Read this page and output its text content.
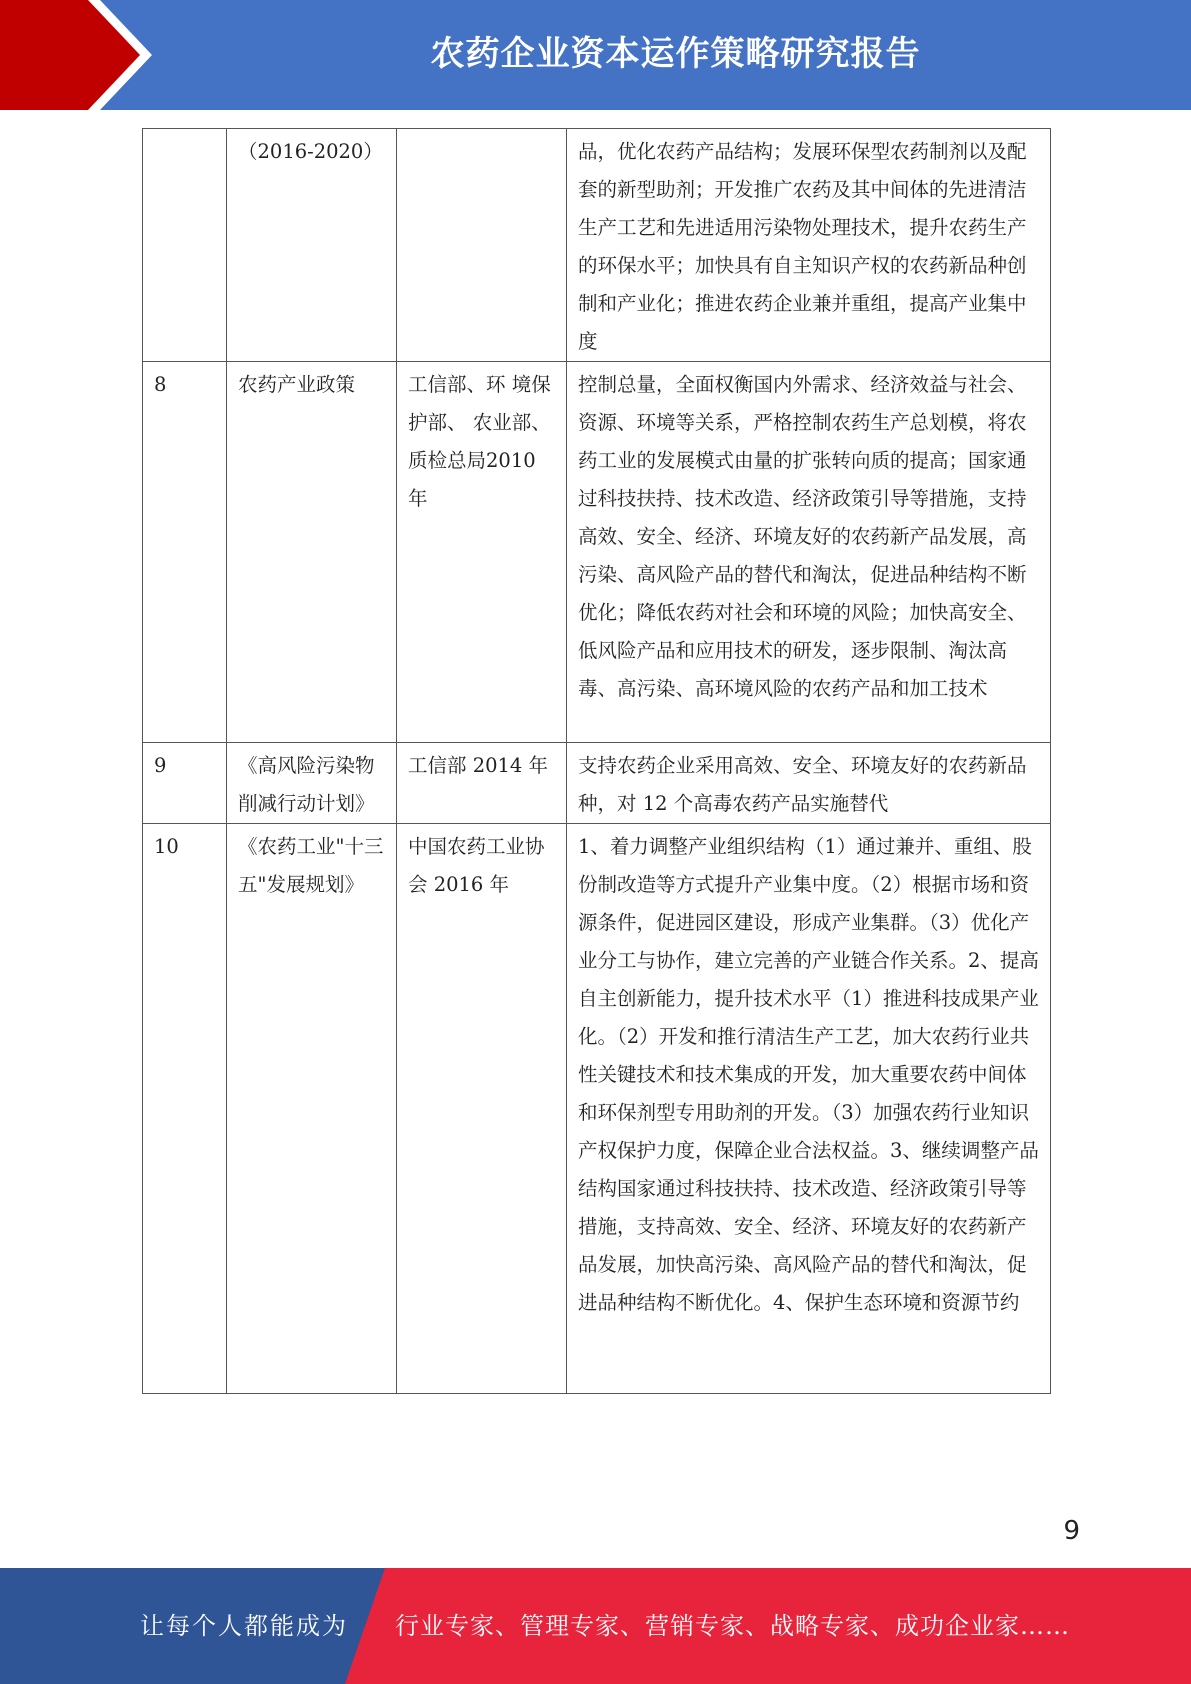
农药企业资本运作策略研究报告
	（2016-2020）		品，优化农药产品结构；发展环保型农药制剂以及配套的新型助剂；开发推广农药及其中间体的先进清洁生产工艺和先进适用污染物处理技术，提升农药生产的环保水平；加快具有自主知识产权的农药新品种创制和产业化；推进农药企业兼并重组，提高产业集中度
8	农药产业政策	工信部、环 境保护部、 农业部、质检总局2010 年	控制总量，全面权衡国内外需求、经济效益与社会、资源、环境等关系，严格控制农药生产总划模，将农药工业的发展模式由量的扩张转向质的提高；国家通过科技扶持、技术改造、经济政策引导等措施，支持高效、安全、经济、环境友好的农药新产品发展，高污染、高风险产品的替代和淘汰，促进品种结构不断优化；降低农药对社会和环境的风险；加快高安全、低风险产品和应用技术的研发，逐步限制、淘汰高毒、高污染、高环境风险的农药产品和加工技术
9	《高风险污染物削减行动计划》	工信部 2014 年	支持农药企业采用高效、安全、环境友好的农药新品种，对 12 个高毒农药产品实施替代
10	《农药工业"十三五"发展规划》	中国农药工业协会 2016 年	1、着力调整产业组织结构（1）通过兼并、重组、股份制改造等方式提升产业集中度。（2）根据市场和资源条件，促进园区建设，形成产业集群。（3）优化产业分工与协作，建立完善的产业链合作关系。2、提高自主创新能力，提升技术水平（1）推进科技成果产业化。（2）开发和推行清洁生产工艺，加大农药行业共性关键技术和技术集成的开发，加大重要农药中间体和环保剂型专用助剂的开发。（3）加强农药行业知识产权保护力度，保障企业合法权益。3、继续调整产品结构国家通过科技扶持、技术改造、经济政策引导等措施，支持高效、安全、经济、环境友好的农药新产品发展，加快高污染、高风险产品的替代和淘汰，促进品种结构不断优化。4、保护生态环境和资源节约
9
让每个人都能成为 行业专家、管理专家、营销专家、战略专家、成功企业家……
